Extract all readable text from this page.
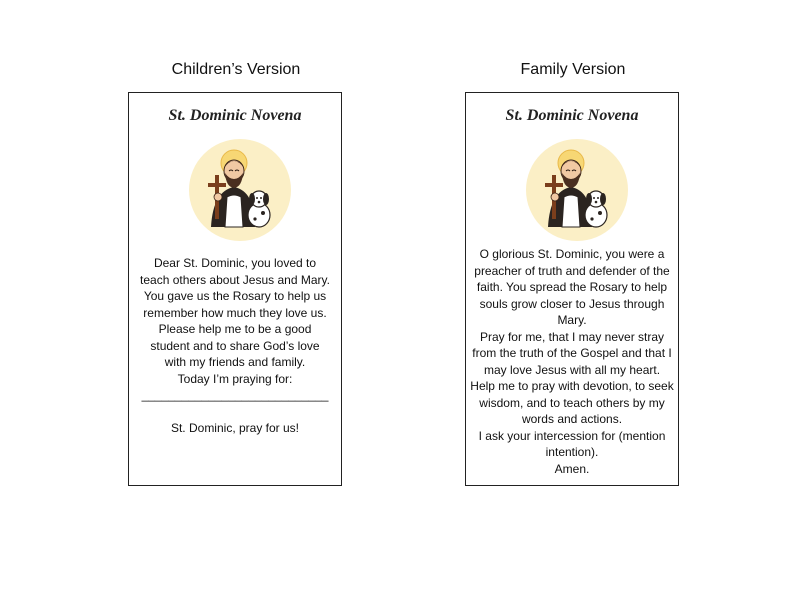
Children’s Version
St. Dominic Novena

Dear St. Dominic, you loved to

teach others about Jesus and Mary.

You gave us the Rosary to help us

remember how much they love us.

Please help me to be a good

student and to share God’s love

with my friends and family.

Today I’m praying for:

____________________________

St. Dominic, pray for us!

Family Version
St. Dominic Novena

O glorious St. Dominic, you were a

preacher of truth and defender of the

faith. You spread the Rosary to help

souls grow closer to Jesus through

Mary.

Pray for me, that I may never stray

from the truth of the Gospel and that I

may love Jesus with all my heart.

Help me to pray with devotion, to seek

wisdom, and to teach others by my

words and actions.

I ask your intercession for (mention

intention).

Amen.
